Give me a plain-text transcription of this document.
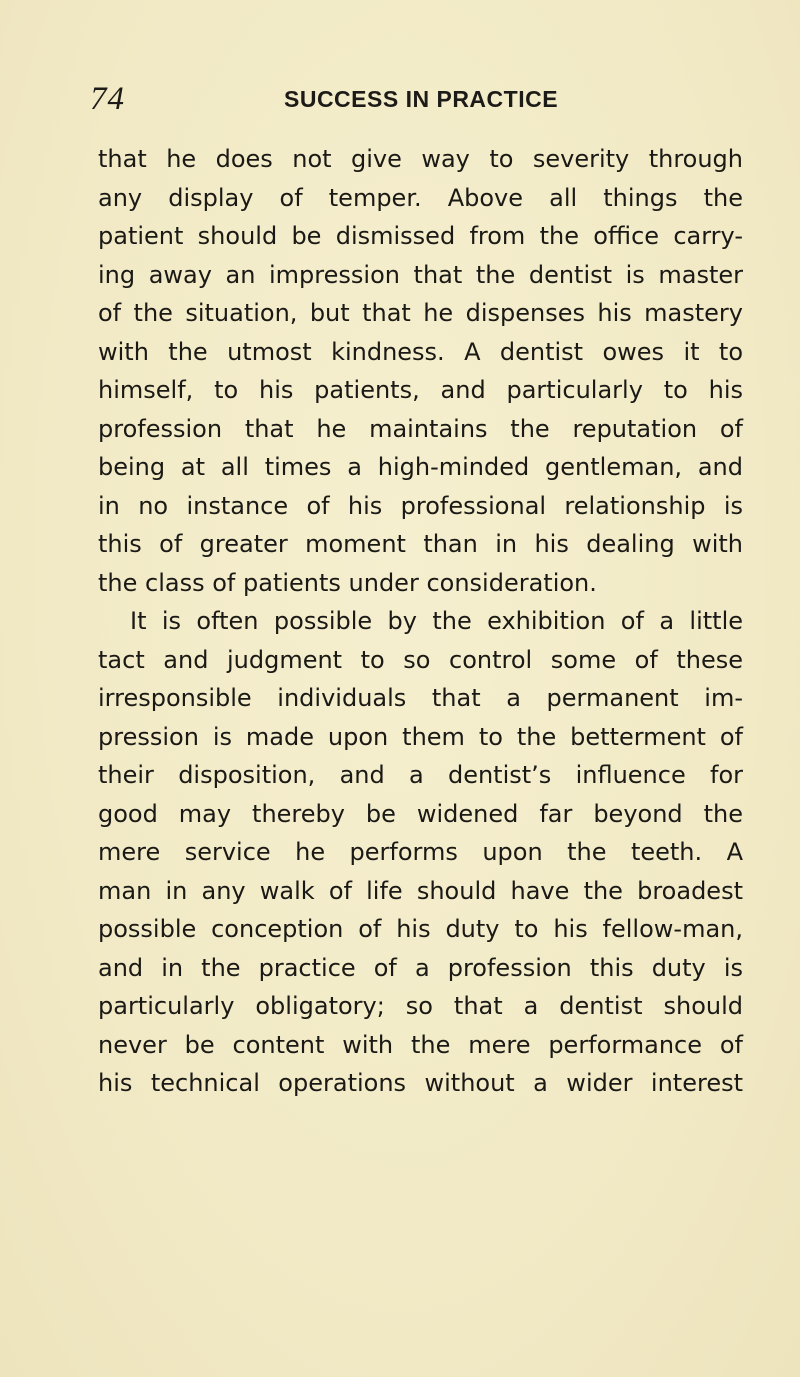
74	SUCCESS IN PRACTICE
that he does not give way to severity through
any display of temper. Above all things the
patient should be dismissed from the office carry-
ing away an impression that the dentist is master
of the situation, but that he dispenses his mastery
with the utmost kindness. A dentist owes it to
himself, to his patients, and particularly to his
profession that he maintains the reputation of
being at all times a high-minded gentleman, and
in no instance of his professional relationship is
this of greater moment than in his dealing with
the class of patients under consideration.
It is often possible by the exhibition of a little
tact and judgment to so control some of these
irresponsible individuals that a permanent im-
pression is made upon them to the betterment of
their disposition, and a dentist’s influence for
good may thereby be widened far beyond the
mere service he performs upon the teeth. A
man in any walk of life should have the broadest
possible conception of his duty to his fellow-man,
and in the practice of a profession this duty is
particularly obligatory; so that a dentist should
never be content with the mere performance of
his technical operations without a wider interest
